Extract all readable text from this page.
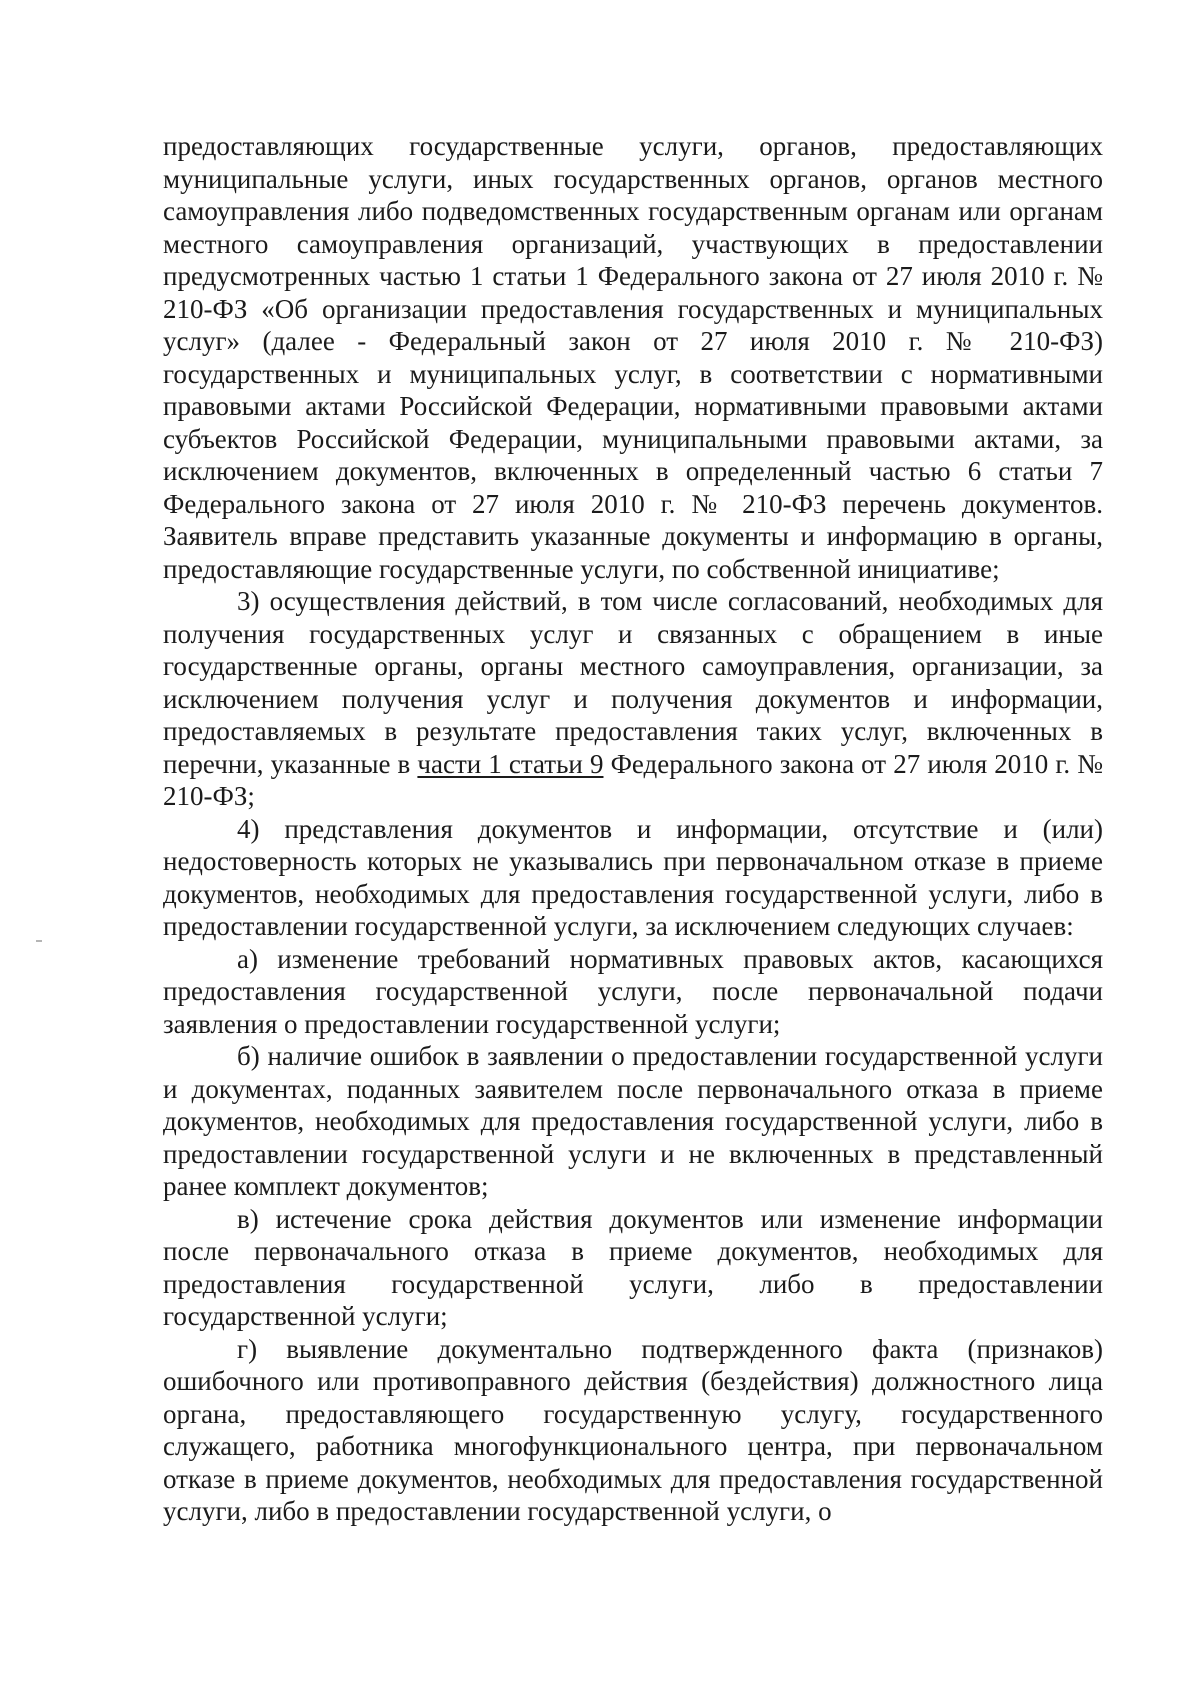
предоставляющих государственные услуги, органов, предоставляющих муниципальные услуги, иных государственных органов, органов местного самоуправления либо подведомственных государственным органам или органам местного самоуправления организаций, участвующих в предоставлении предусмотренных частью 1 статьи 1 Федерального закона от 27 июля 2010 г. № 210-ФЗ «Об организации предоставления государственных и муниципальных услуг» (далее - Федеральный закон от 27 июля 2010 г. № 210-ФЗ) государственных и муниципальных услуг, в соответствии с нормативными правовыми актами Российской Федерации, нормативными правовыми актами субъектов Российской Федерации, муниципальными правовыми актами, за исключением документов, включенных в определенный частью 6 статьи 7 Федерального закона от 27 июля 2010 г. № 210-ФЗ перечень документов. Заявитель вправе представить указанные документы и информацию в органы, предоставляющие государственные услуги, по собственной инициативе;

3) осуществления действий, в том числе согласований, необходимых для получения государственных услуг и связанных с обращением в иные государственные органы, органы местного самоуправления, организации, за исключением получения услуг и получения документов и информации, предоставляемых в результате предоставления таких услуг, включенных в перечни, указанные в части 1 статьи 9 Федерального закона от 27 июля 2010 г. № 210-ФЗ;

4) представления документов и информации, отсутствие и (или) недостоверность которых не указывались при первоначальном отказе в приеме документов, необходимых для предоставления государственной услуги, либо в предоставлении государственной услуги, за исключением следующих случаев:

а) изменение требований нормативных правовых актов, касающихся предоставления государственной услуги, после первоначальной подачи заявления о предоставлении государственной услуги;

б) наличие ошибок в заявлении о предоставлении государственной услуги и документах, поданных заявителем после первоначального отказа в приеме документов, необходимых для предоставления государственной услуги, либо в предоставлении государственной услуги и не включенных в представленный ранее комплект документов;

в) истечение срока действия документов или изменение информации после первоначального отказа в приеме документов, необходимых для предоставления государственной услуги, либо в предоставлении государственной услуги;

г) выявление документально подтвержденного факта (признаков) ошибочного или противоправного действия (бездействия) должностного лица органа, предоставляющего государственную услугу, государственного служащего, работника многофункционального центра, при первоначальном отказе в приеме документов, необходимых для предоставления государственной услуги, либо в предоставлении государственной услуги, о
